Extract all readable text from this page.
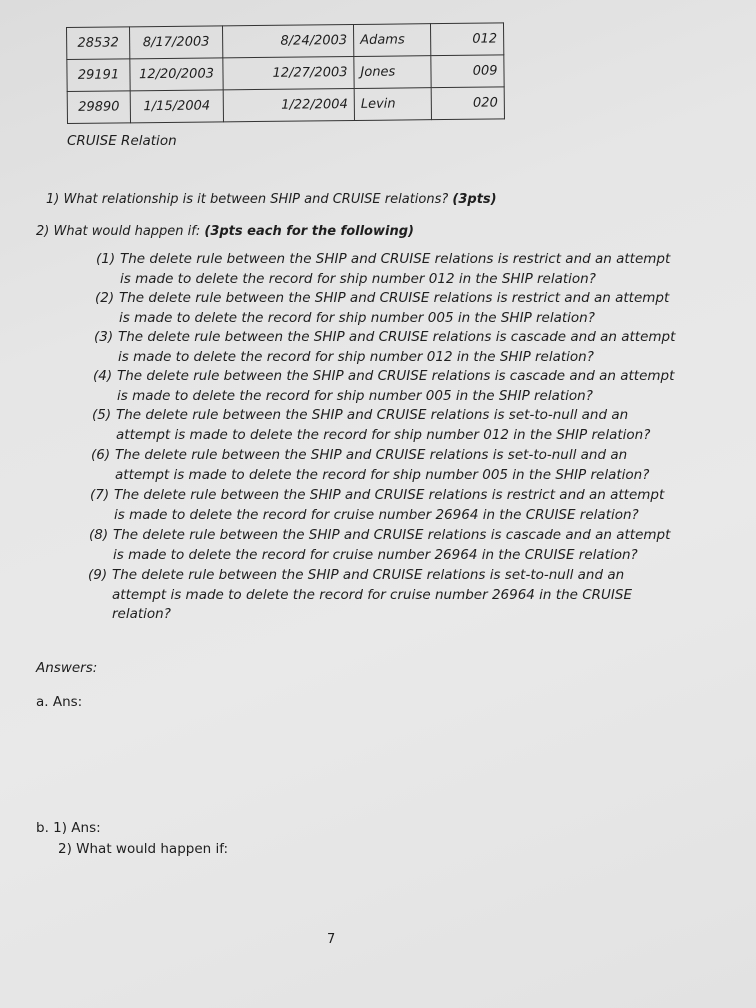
28532	8/17/2003	8/24/2003	Adams	012
29191	12/20/2003	12/27/2003	Jones	009
29890	1/15/2004	1/22/2004	Levin	020
CRUISE Relation
1) What relationship is it between SHIP and CRUISE relations? (3pts)
2) What would happen if: (3pts each for the following)
(1) The delete rule between the SHIP and CRUISE relations is restrict and an attempt
is made to delete the record for ship number 012 in the SHIP relation?
(2) The delete rule between the SHIP and CRUISE relations is restrict and an attempt
is made to delete the record for ship number 005 in the SHIP relation?
(3) The delete rule between the SHIP and CRUISE relations is cascade and an attempt
is made to delete the record for ship number 012 in the SHIP relation?
(4) The delete rule between the SHIP and CRUISE relations is cascade and an attempt
is made to delete the record for ship number 005 in the SHIP relation?
(5) The delete rule between the SHIP and CRUISE relations is set-to-null and an
attempt is made to delete the record for ship number 012 in the SHIP relation?
(6) The delete rule between the SHIP and CRUISE relations is set-to-null and an
attempt is made to delete the record for ship number 005 in the SHIP relation?
(7) The delete rule between the SHIP and CRUISE relations is restrict and an attempt
is made to delete the record for cruise number 26964 in the CRUISE relation?
(8) The delete rule between the SHIP and CRUISE relations is cascade and an attempt
is made to delete the record for cruise number 26964 in the CRUISE relation?
(9) The delete rule between the SHIP and CRUISE relations is set-to-null and an
attempt is made to delete the record for cruise number 26964 in the CRUISE
relation?
Answers:
a. Ans:
b. 1) Ans:
2) What would happen if:
7
